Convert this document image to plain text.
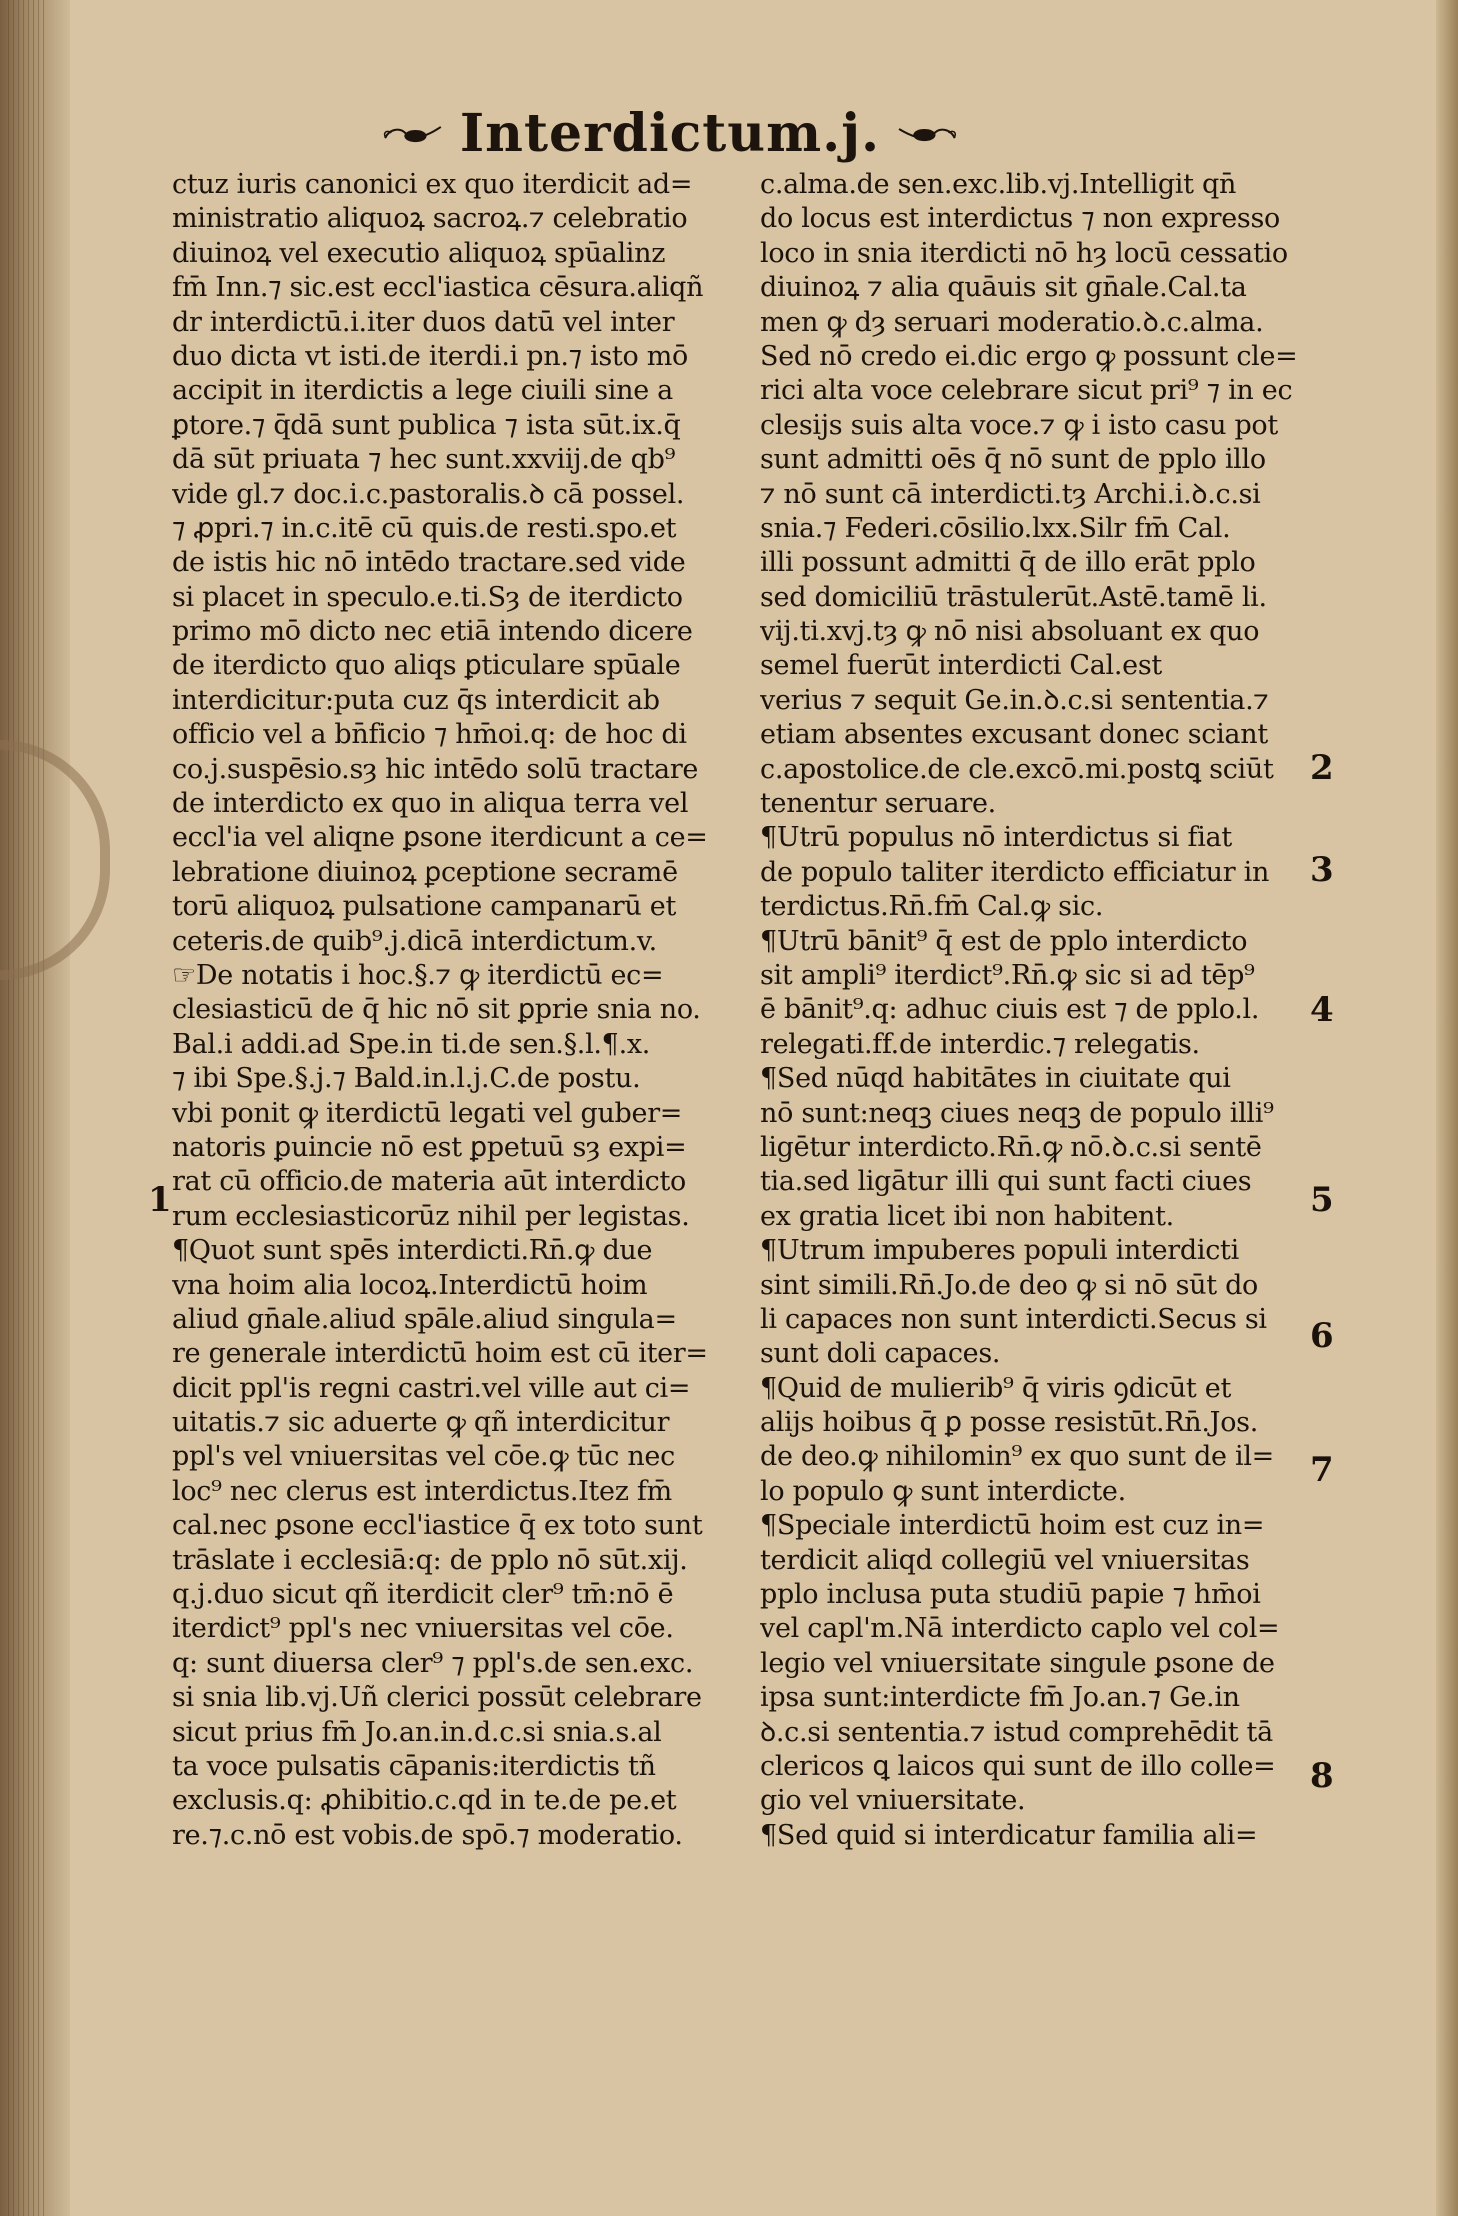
Interdictum.j.
ctuz iuris canonici ex quo iterdicit ad=
ministratio aliquoꝝ sacroꝝ.⁊ celebratio
diuinoꝝ vel executio aliquoꝝ spūalinz
fm̄ Inn.⁊ sic.est eccl'iastica cēsura.aliqñ
dr interdictū.i.iter duos datū vel inter
duo dicta vt isti.de iterdi.i pn.⁊ isto mō
accipit in iterdictis a lege ciuili sine a
ꝑtore.⁊ q̄dā sunt publica ⁊ ista sūt.ix.q̄
dā sūt priuata ⁊ hec sunt.xxviij.de qb⁹
vide gl.⁊ doc.i.c.pastoralis.ꝺ cā possel.
⁊ ꝓpri.⁊ in.c.itē cū quis.de resti.spo.et
de istis hic nō intēdo tractare.sed vide
si placet in speculo.e.ti.Sȝ de iterdicto
primo mō dicto nec etiā intendo dicere
de iterdicto quo aliqs ꝑticulare spūale
interdicitur:puta cuz q̄s interdicit ab
officio vel a bn̄ficio ⁊ hm̄oi.q: de hoc di
co.j.suspēsio.sȝ hic intēdo solū tractare
de interdicto ex quo in aliqua terra vel
eccl'ia vel aliqne ꝑsone iterdicunt a ce=
lebratione diuinoꝝ ꝑceptione secramē
torū aliquoꝝ pulsatione campanarū et
ceteris.de quib⁹.j.dicā interdictum.v.
☞De notatis i hoc.§.⁊ ꝙ iterdictū ec=
clesiasticū de q̄ hic nō sit ꝑprie snia no.
Bal.i addi.ad Spe.in ti.de sen.§.l.¶.x.
⁊ ibi Spe.§.j.⁊ Bald.in.l.j.C.de postu.
vbi ponit ꝙ iterdictū legati vel guber=
natoris ꝑuincie nō est ꝑpetuū sȝ expi=
rat cū officio.de materia aūt interdicto
rum ecclesiasticorūz nihil per legistas.
¶Quot sunt spēs interdicti.Rn̄.ꝙ due
vna hoim alia locoꝝ.Interdictū hoim
aliud gn̄ale.aliud spāle.aliud singula=
re generale interdictū hoim est cū iter=
dicit ppl'is regni castri.vel ville aut ci=
uitatis.⁊ sic aduerte ꝙ qñ interdicitur
ppl's vel vniuersitas vel cōe.ꝙ tūc nec
loc⁹ nec clerus est interdictus.Itez fm̄
cal.nec ꝑsone eccl'iastice q̄ ex toto sunt
trāslate i ecclesiā:q: de pplo nō sūt.xij.
q.j.duo sicut qñ iterdicit cler⁹ tm̄:nō ē
iterdict⁹ ppl's nec vniuersitas vel cōe.
q: sunt diuersa cler⁹ ⁊ ppl's.de sen.exc.
si snia lib.vj.Uñ clerici possūt celebrare
sicut prius fm̄ Jo.an.in.d.c.si snia.s.al
ta voce pulsatis cāpanis:iterdictis tñ
exclusis.q: ꝓhibitio.c.qd in te.de pe.et
re.⁊.c.nō est vobis.de spō.⁊ moderatio.
c.alma.de sen.exc.lib.vj.Intelligit qn̄
do locus est interdictus ⁊ non expresso
loco in snia iterdicti nō hȝ locū cessatio
diuinoꝝ ⁊ alia quāuis sit gn̄ale.Cal.ta
men ꝙ dȝ seruari moderatio.ꝺ.c.alma.
Sed nō credo ei.dic ergo ꝙ possunt cle=
rici alta voce celebrare sicut pri⁹ ⁊ in ec
clesijs suis alta voce.⁊ ꝙ i isto casu pot
sunt admitti oēs q̄ nō sunt de pplo illo
⁊ nō sunt cā interdicti.tȝ Archi.i.ꝺ.c.si
snia.⁊ Federi.cōsilio.lxx.Silr fm̄ Cal.
illi possunt admitti q̄ de illo erāt pplo
sed domiciliū trāstulerūt.Astē.tamē li.
vij.ti.xvj.tȝ ꝙ nō nisi absoluant ex quo
semel fuerūt interdicti Cal.est
verius ⁊ sequit Ge.in.ꝺ.c.si sententia.⁊
etiam absentes excusant donec sciant
c.apostolice.de cle.excō.mi.postꝗ sciūt
tenentur seruare.
¶Utrū populus nō interdictus si fiat
de populo taliter iterdicto efficiatur in
terdictus.Rn̄.fm̄ Cal.ꝙ sic.
¶Utrū bānit⁹ q̄ est de pplo interdicto
sit ampli⁹ iterdict⁹.Rn̄.ꝙ sic si ad tēp⁹
ē bānit⁹.q: adhuc ciuis est ⁊ de pplo.l.
relegati.ff.de interdic.⁊ relegatis.
¶Sed nūqd habitātes in ciuitate qui
nō sunt:neqꝫ ciues neqꝫ de populo illi⁹
ligētur interdicto.Rn̄.ꝙ nō.ꝺ.c.si sentē
tia.sed ligātur illi qui sunt facti ciues
ex gratia licet ibi non habitent.
¶Utrum impuberes populi interdicti
sint simili.Rn̄.Jo.de deo ꝙ si nō sūt do
li capaces non sunt interdicti.Secus si
sunt doli capaces.
¶Quid de mulierib⁹ q̄ viris ꝯdicūt et
alijs hoibus q̄ ꝑ posse resistūt.Rn̄.Jos.
de deo.ꝙ nihilomin⁹ ex quo sunt de il=
lo populo ꝙ sunt interdicte.
¶Speciale interdictū hoim est cuz in=
terdicit aliqd collegiū vel vniuersitas
pplo inclusa puta studiū papie ⁊ hm̄oi
vel capl'm.Nā interdicto caplo vel col=
legio vel vniuersitate singule ꝑsone de
ipsa sunt:interdicte fm̄ Jo.an.⁊ Ge.in
ꝺ.c.si sententia.⁊ istud comprehēdit tā
clericos ꝗ laicos qui sunt de illo colle=
gio vel vniuersitate.
¶Sed quid si interdicatur familia ali=
1
2
3
4
5
6
7
8
